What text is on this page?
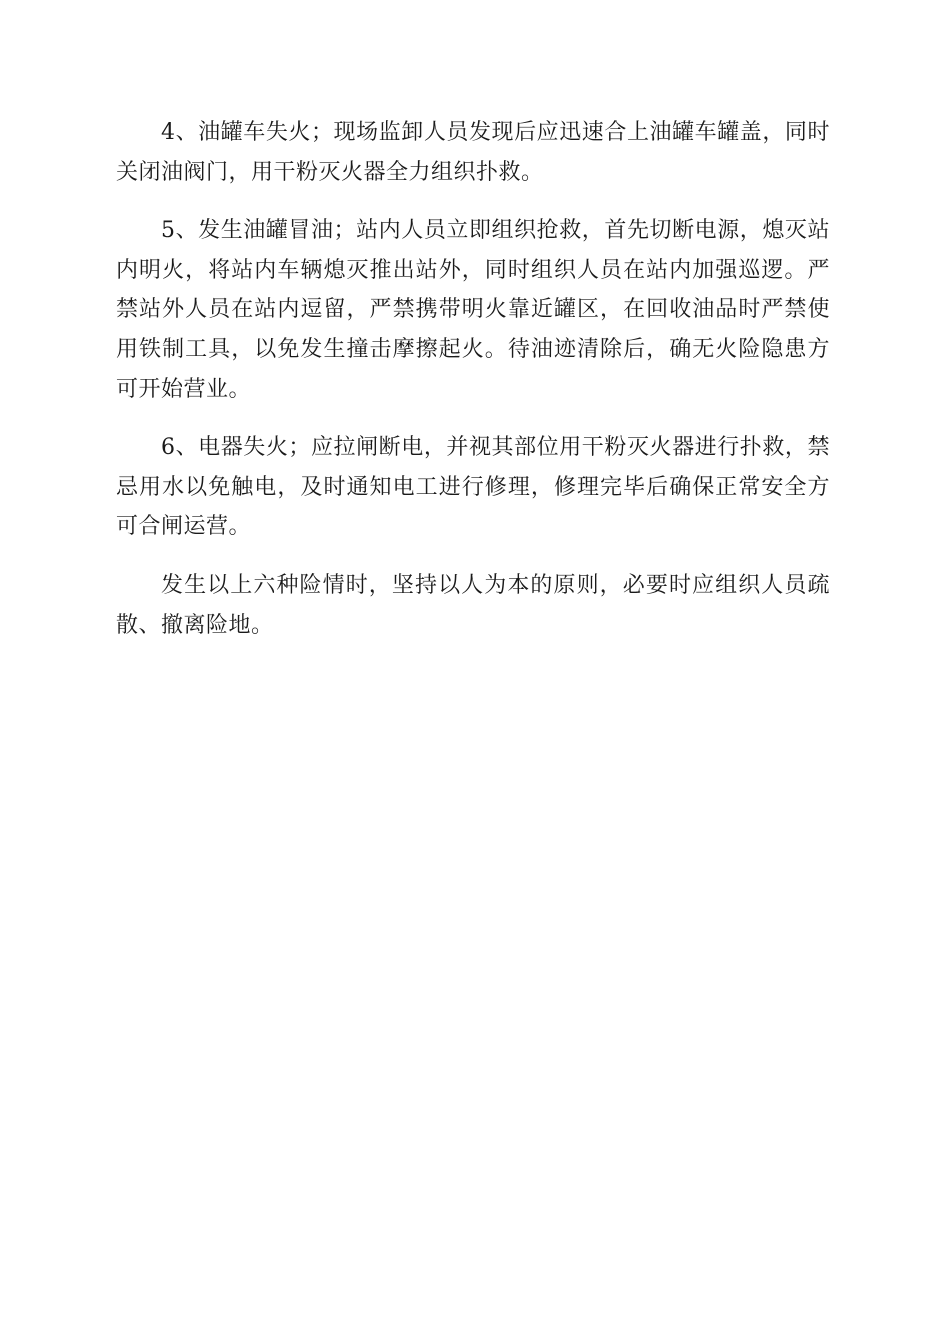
4、油罐车失火；现场监卸人员发现后应迅速合上油罐车罐盖，同时关闭油阀门，用干粉灭火器全力组织扑救。

5、发生油罐冒油；站内人员立即组织抢救，首先切断电源，熄灭站内明火，将站内车辆熄灭推出站外，同时组织人员在站内加强巡逻。严禁站外人员在站内逗留，严禁携带明火靠近罐区，在回收油品时严禁使用铁制工具，以免发生撞击摩擦起火。待油迹清除后，确无火险隐患方可开始营业。

6、电器失火；应拉闸断电，并视其部位用干粉灭火器进行扑救，禁忌用水以免触电，及时通知电工进行修理，修理完毕后确保正常安全方可合闸运营。

发生以上六种险情时，坚持以人为本的原则，必要时应组织人员疏散、撤离险地。
